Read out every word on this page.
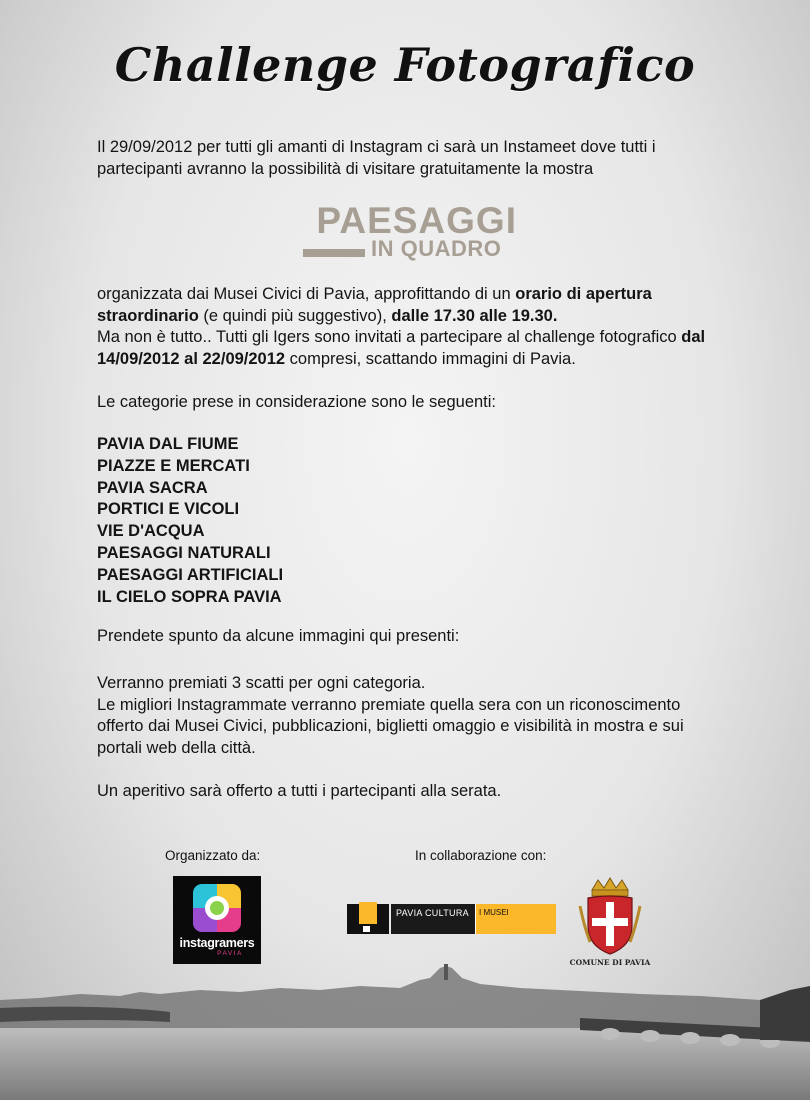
Challenge Fotografico

Il 29/09/2012 per tutti gli amanti di Instagram ci sarà un Instameet dove tutti i partecipanti avranno la possibilità di visitare gratuitamente la mostra

PAESAGGI
IN QUADRO

organizzata dai Musei Civici di Pavia, approfittando di un orario di apertura straordinario (e quindi più suggestivo), dalle 17.30 alle 19.30.
Ma non è tutto.. Tutti gli Igers sono invitati a partecipare al challenge fotografico dal 14/09/2012 al 22/09/2012 compresi, scattando immagini di Pavia.

Le categorie prese in considerazione sono le seguenti:

PAVIA DAL FIUME
PIAZZE E MERCATI
PAVIA SACRA
PORTICI E VICOLI
VIE D'ACQUA
PAESAGGI NATURALI
PAESAGGI ARTIFICIALI
IL CIELO SOPRA PAVIA

Prendete spunto da alcune immagini qui presenti:

Verranno premiati 3 scatti per ogni categoria.
Le migliori Instagrammate verranno premiate quella sera con un riconoscimento offerto dai Musei Civici, pubblicazioni, biglietti omaggio e visibilità in mostra e sui portali web della città.

Un aperitivo sarà offerto a tutti i partecipanti alla serata.

Organizzato da:	In collaborazione con:
instagramers
PAVIA
PAVIA CULTURA I MUSEI
COMUNE DI PAVIA
